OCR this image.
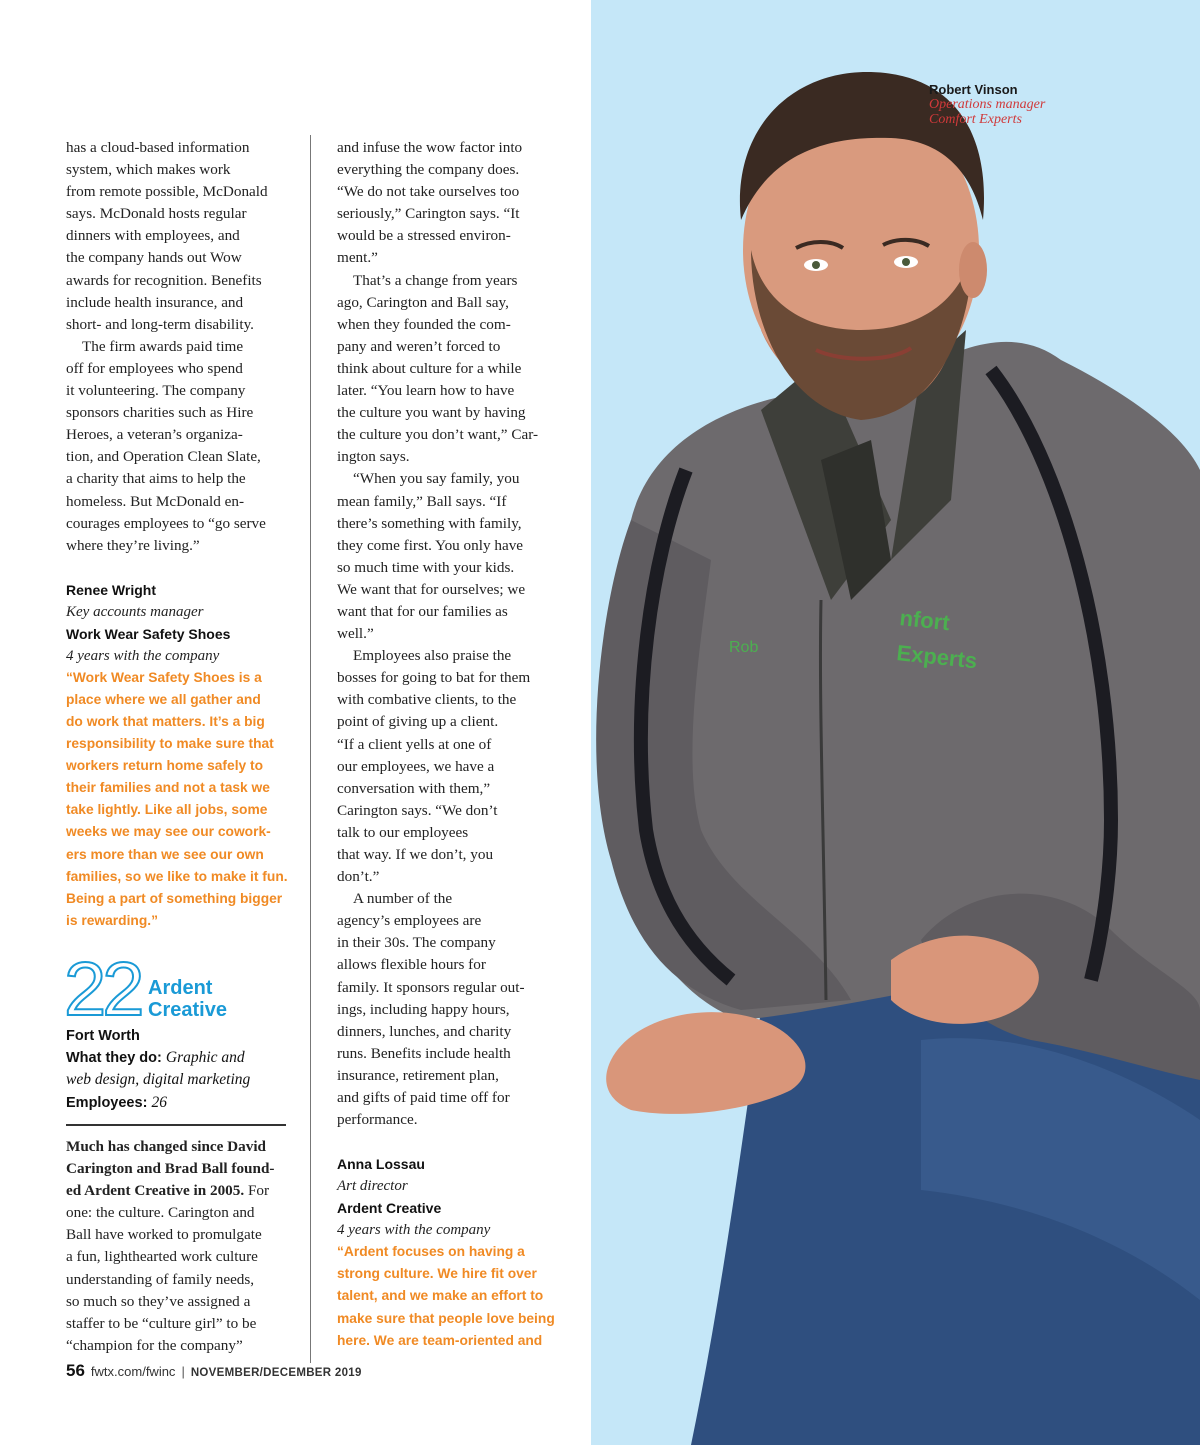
Rob
nfort
Experts
Robert Vinson
Operations manager
Comfort Experts

has a cloud-based information
system, which makes work
from remote possible, McDonald
says. McDonald hosts regular
dinners with employees, and
the company hands out Wow
awards for recognition. Benefits
include health insurance, and
short- and long-term disability.

The firm awards paid time
off for employees who spend
it volunteering. The company
sponsors charities such as Hire
Heroes, a veteran’s organiza-
tion, and Operation Clean Slate,
a charity that aims to help the
homeless. But McDonald en-
courages employees to “go serve
where they’re living.”

Renee Wright
Key accounts manager
Work Wear Safety Shoes
4 years with the company
“Work Wear Safety Shoes is a
place where we all gather and
do work that matters. It’s a big
responsibility to make sure that
workers return home safely to
their families and not a task we
take lightly. Like all jobs, some
weeks we may see our cowork-
ers more than we see our own
families, so we like to make it fun.
Being a part of something bigger
is rewarding.”
22 Ardent
Creative
Fort Worth
What they do: Graphic and
web design, digital marketing
Employees: 26
Much has changed since David
Carington and Brad Ball found-
ed Ardent Creative in 2005. For
one: the culture. Carington and
Ball have worked to promulgate
a fun, lighthearted work culture
understanding of family needs,
so much so they’ve assigned a
staffer to be “culture girl” to be
“champion for the company”

and infuse the wow factor into
everything the company does.
“We do not take ourselves too
seriously,” Carington says. “It
would be a stressed environ-
ment.”

That’s a change from years
ago, Carington and Ball say,
when they founded the com-
pany and weren’t forced to
think about culture for a while
later. “You learn how to have
the culture you want by having
the culture you don’t want,” Car-
ington says.

“When you say family, you
mean family,” Ball says. “If
there’s something with family,
they come first. You only have
so much time with your kids.
We want that for ourselves; we
want that for our families as
well.”

Employees also praise the
bosses for going to bat for them
with combative clients, to the
point of giving up a client.
“If a client yells at one of
our employees, we have a
conversation with them,”
Carington says. “We don’t
talk to our employees
that way. If we don’t, you
don’t.”

A number of the
agency’s employees are
in their 30s. The company
allows flexible hours for
family. It sponsors regular out-
ings, including happy hours,
dinners, lunches, and charity
runs. Benefits include health
insurance, retirement plan,
and gifts of paid time off for
performance.

Anna Lossau
Art director
Ardent Creative
4 years with the company
“Ardent focuses on having a
strong culture. We hire fit over
talent, and we make an effort to
make sure that people love being
here. We are team-oriented and
56 fwtx.com/fwinc | NOVEMBER/DECEMBER 2019
